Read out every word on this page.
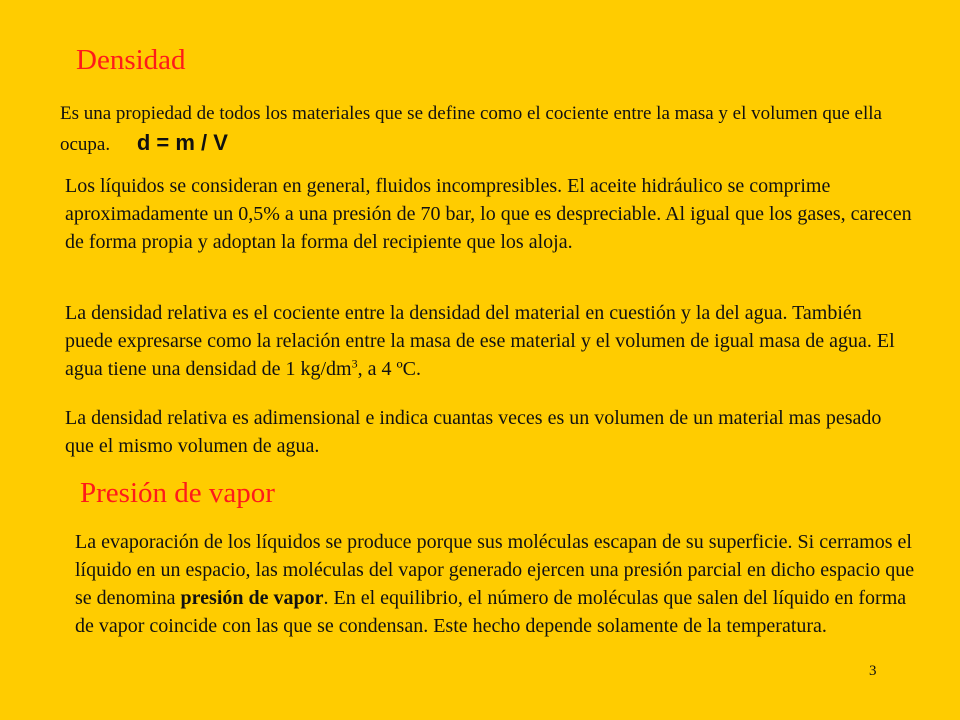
Densidad

Es una propiedad de todos los materiales que se define como el cociente entre la masa y el volumen que ella ocupa. d = m / V

Los líquidos se consideran en general, fluidos incompresibles. El aceite hidráulico se comprime aproximadamente un 0,5% a una presión de 70 bar, lo que es despreciable. Al igual que los gases, carecen de forma propia y adoptan la forma del recipiente que los aloja.

La densidad relativa es el cociente entre la densidad del material en cuestión y la del agua. También puede expresarse como la relación entre la masa de ese material y el volumen de igual masa de agua. El agua tiene una densidad de 1 $kg/dm^3$, a 4 ºC.

La densidad relativa es adimensional e indica cuantas veces es un volumen de un material mas pesado que el mismo volumen de agua.

Presión de vapor

La evaporación de los líquidos se produce porque sus moléculas escapan de su superficie. Si cerramos el líquido en un espacio, las moléculas del vapor generado ejercen una presión parcial en dicho espacio que se denomina presión de vapor. En el equilibrio, el número de moléculas que salen del líquido en forma de vapor coincide con las que se condensan. Este hecho depende solamente de la temperatura.

3
